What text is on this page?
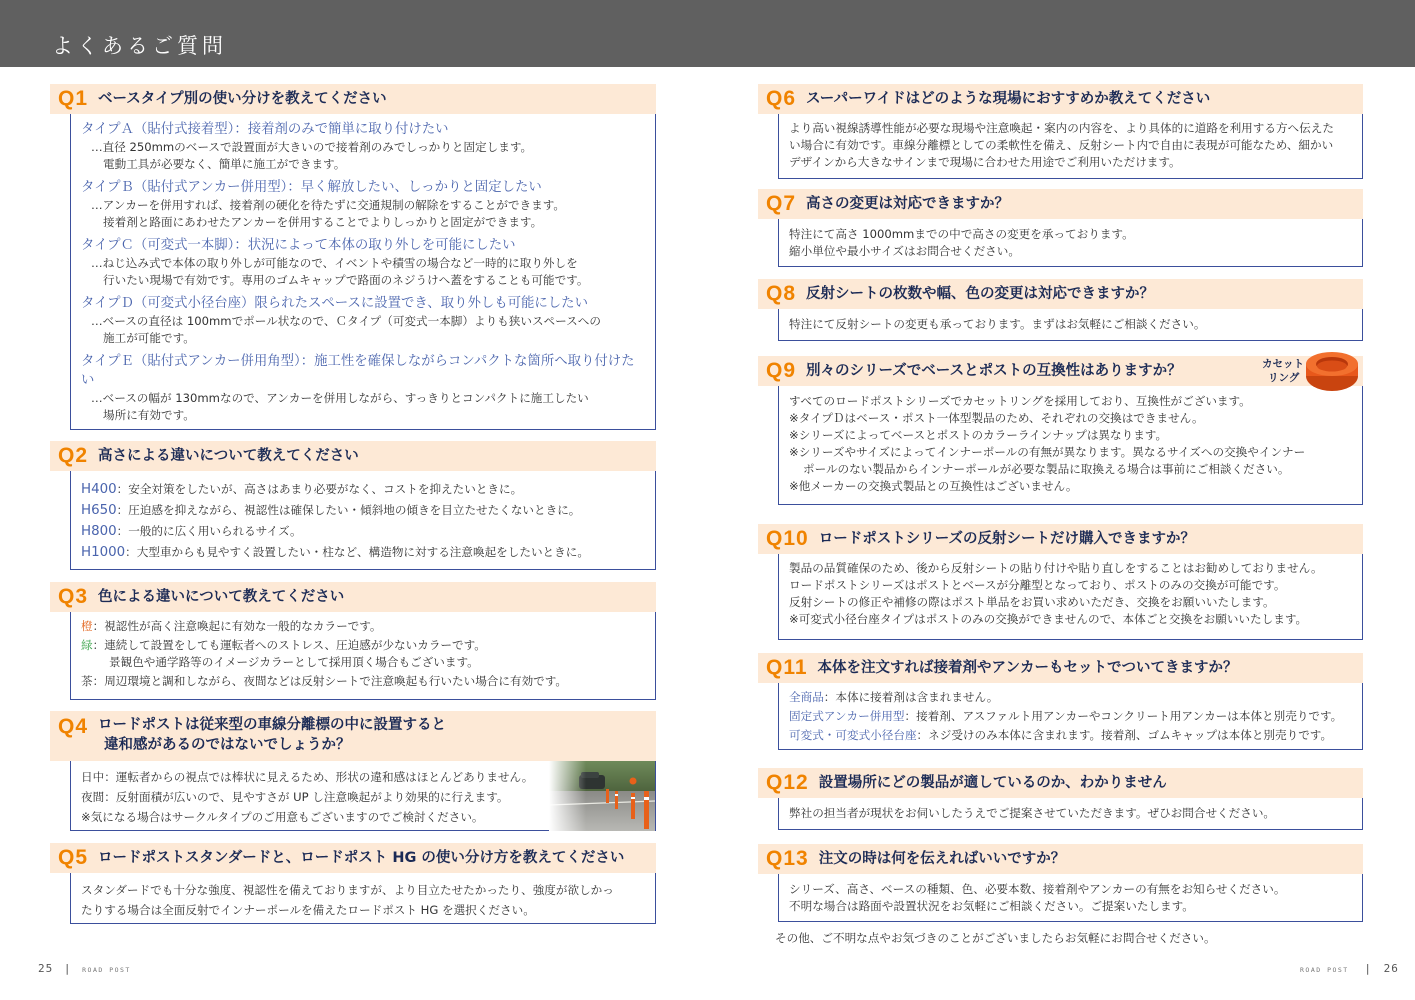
よくあるご質問
Q1 ベースタイプ別の使い分けを教えてください
タイプＡ（貼付式接着型）：接着剤のみで簡単に取り付けたい
…直径 250mmのベースで設置面が大きいので接着剤のみでしっかりと固定します。
電動工具が必要なく、簡単に施工ができます。
タイプＢ（貼付式アンカー併用型）：早く解放したい、しっかりと固定したい
…アンカーを併用すれば、接着剤の硬化を待たずに交通規制の解除をすることができます。
接着剤と路面にあわせたアンカーを併用することでよりしっかりと固定ができます。
タイプＣ（可変式一本脚）：状況によって本体の取り外しを可能にしたい
…ねじ込み式で本体の取り外しが可能なので、イベントや積雪の場合など一時的に取り外しを
行いたい現場で有効です。専用のゴムキャップで路面のネジうけへ蓋をすることも可能です。
タイプＤ（可変式小径台座）限られたスペースに設置でき、取り外しも可能にしたい
…ベースの直径は 100mmでポール状なので、Ｃタイプ（可変式一本脚）よりも狭いスペースへの
施工が可能です。
タイプＥ（貼付式アンカー併用角型）：施工性を確保しながらコンパクトな箇所へ取り付けたい
…ベースの幅が 130mmなので、アンカーを併用しながら、すっきりとコンパクトに施工したい
場所に有効です。
Q2 高さによる違いについて教えてください
H400：安全対策をしたいが、高さはあまり必要がなく、コストを抑えたいときに。
H650：圧迫感を抑えながら、視認性は確保したい・傾斜地の傾きを目立たせたくないときに。
H800：一般的に広く用いられるサイズ。
H1000：大型車からも見やすく設置したい・柱など、構造物に対する注意喚起をしたいときに。
Q3 色による違いについて教えてください
橙：視認性が高く注意喚起に有効な一般的なカラーです。
緑：連続して設置をしても運転者へのストレス、圧迫感が少ないカラーです。
景観色や通学路等のイメージカラーとして採用頂く場合もございます。
茶：周辺環境と調和しながら、夜間などは反射シートで注意喚起も行いたい場合に有効です。
Q4 ロードポストは従来型の車線分離標の中に設置すると
違和感があるのではないでしょうか？
日中：運転者からの視点では棒状に見えるため、形状の違和感はほとんどありません。
夜間：反射面積が広いので、見やすさが UP し注意喚起がより効果的に行えます。
※気になる場合はサークルタイプのご用意もございますのでご検討ください。
Q5 ロードポストスタンダードと、ロードポスト HG の使い分け方を教えてください
スタンダードでも十分な強度、視認性を備えておりますが、より目立たせたかったり、強度が欲しかっ
たりする場合は全面反射でインナーポールを備えたロードポスト HG を選択ください。
Q6 スーパーワイドはどのような現場におすすめか教えてください
より高い視線誘導性能が必要な現場や注意喚起・案内の内容を、より具体的に道路を利用する方へ伝えた
い場合に有効です。車線分離標としての柔軟性を備え、反射シート内で自由に表現が可能なため、細かい
デザインから大きなサインまで現場に合わせた用途でご利用いただけます。
Q7 高さの変更は対応できますか？
特注にて高さ 1000mmまでの中で高さの変更を承っております。
縮小単位や最小サイズはお問合せください。
Q8 反射シートの枚数や幅、色の変更は対応できますか？
特注にて反射シートの変更も承っております。まずはお気軽にご相談ください。
Q9 別々のシリーズでベースとポストの互換性はありますか？
すべてのロードポストシリーズでカセットリングを採用しており、互換性がございます。
※タイプＤはベース・ポスト一体型製品のため、それぞれの交換はできません。
※シリーズによってベースとポストのカラーラインナップは異なります。
※シリーズやサイズによってインナーポールの有無が異なります。異なるサイズへの交換やインナー
ポールのない製品からインナーポールが必要な製品に取換える場合は事前にご相談ください。
※他メーカーの交換式製品との互換性はございません。
カセット
リング
Q10 ロードポストシリーズの反射シートだけ購入できますか？
製品の品質確保のため、後から反射シートの貼り付けや貼り直しをすることはお勧めしておりません。
ロードポストシリーズはポストとベースが分離型となっており、ポストのみの交換が可能です。
反射シートの修正や補修の際はポスト単品をお買い求めいただき、交換をお願いいたします。
※可変式小径台座タイプはポストのみの交換ができませんので、本体ごと交換をお願いいたします。
Q11 本体を注文すれば接着剤やアンカーもセットでついてきますか？
全商品：本体に接着剤は含まれません。
固定式アンカー併用型：接着剤、アスファルト用アンカーやコンクリート用アンカーは本体と別売りです。
可変式・可変式小径台座：ネジ受けのみ本体に含まれます。接着剤、ゴムキャップは本体と別売りです。
Q12 設置場所にどの製品が適しているのか、わかりません
弊社の担当者が現状をお伺いしたうえでご提案させていただきます。ぜひお問合せください。
Q13 注文の時は何を伝えればいいですか？
シリーズ、高さ、ベースの種類、色、必要本数、接着剤やアンカーの有無をお知らせください。
不明な場合は路面や設置状況をお気軽にご相談ください。ご提案いたします。
その他、ご不明な点やお気づきのことがございましたらお気軽にお問合せください。
25 | ROAD POST	ROAD POST | 26
